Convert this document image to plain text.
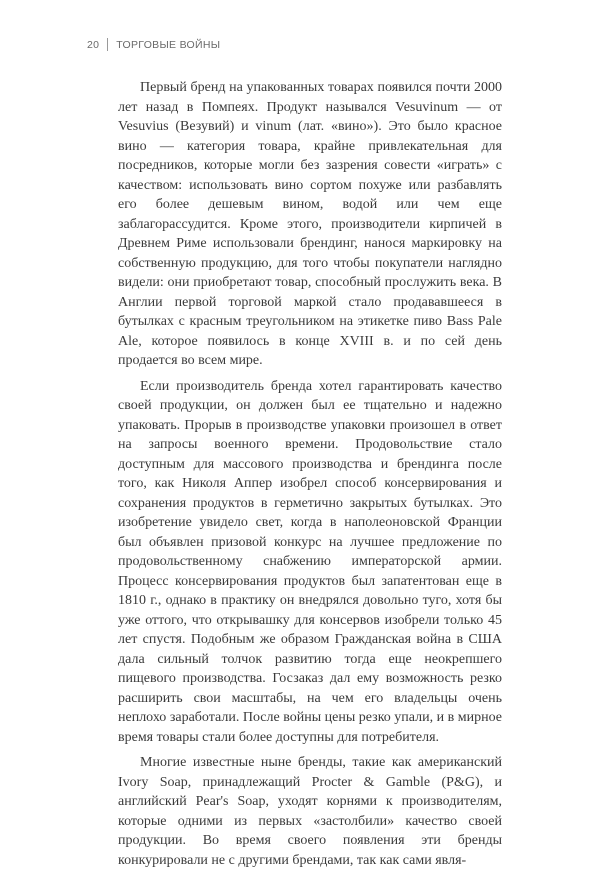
20 ТОРГОВЫЕ ВОЙНЫ

Первый бренд на упакованных товарах появился почти 2000 лет назад в Помпеях. Продукт назывался Vesuvinum — от Vesuvius (Везувий) и vinum (лат. «вино»). Это было красное вино — категория товара, крайне привлекательная для посредников, которые могли без зазрения совести «играть» с качеством: использовать вино сортом похуже или разбавлять его более дешевым вином, водой или чем еще заблагорассудится. Кроме этого, производители кирпичей в Древнем Риме использовали брендинг, нанося маркировку на собственную продукцию, для того чтобы покупатели наглядно видели: они приобретают товар, способный прослужить века. В Англии первой торговой маркой стало продававшееся в бутылках с красным треугольником на этикетке пиво Bass Pale Ale, которое появилось в конце XVIII в. и по сей день продается во всем мире.

Если производитель бренда хотел гарантировать качество своей продукции, он должен был ее тщательно и надежно упаковать. Прорыв в производстве упаковки произошел в ответ на запросы военного времени. Продовольствие стало доступным для массового производства и брендинга после того, как Николя Аппер изобрел способ консервирования и сохранения продуктов в герметично закрытых бутылках. Это изобретение увидело свет, когда в наполеоновской Франции был объявлен призовой конкурс на лучшее предложение по продовольственному снабжению императорской армии. Процесс консервирования продуктов был запатентован еще в 1810 г., однако в практику он внедрялся довольно туго, хотя бы уже оттого, что открывашку для консервов изобрели только 45 лет спустя. Подобным же образом Гражданская война в США дала сильный толчок развитию тогда еще неокрепшего пищевого производства. Госзаказ дал ему возможность резко расширить свои масштабы, на чем его владельцы очень неплохо заработали. После войны цены резко упали, и в мирное время товары стали более доступны для потребителя.

Многие известные ныне бренды, такие как американский Ivory Soap, принадлежащий Procter & Gamble (P&G), и английский Pear's Soap, уходят корнями к производителям, которые одними из первых «застолбили» качество своей продукции. Во время своего появления эти бренды конкурировали не с другими брендами, так как сами явля-
